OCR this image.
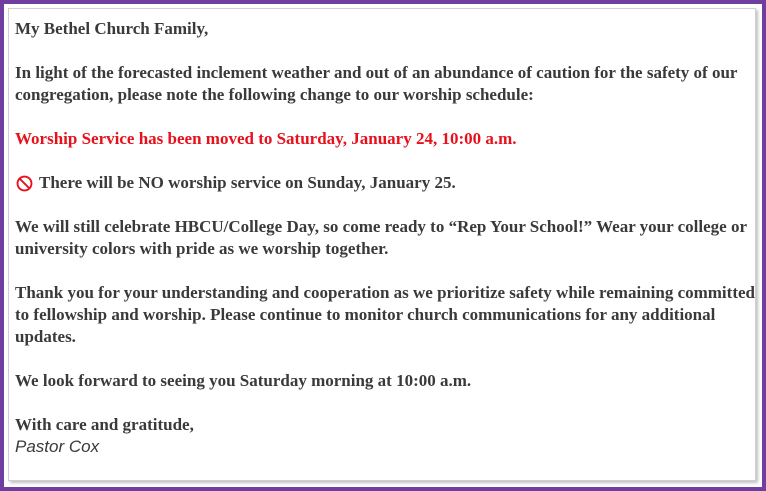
My Bethel Church Family,

In light of the forecasted inclement weather and out of an abundance of caution for the safety of our congregation, please note the following change to our worship schedule:

Worship Service has been moved to Saturday, January 24, 10:00 a.m.

There will be NO worship service on Sunday, January 25.

We will still celebrate HBCU/College Day, so come ready to “Rep Your School!” Wear your college or university colors with pride as we worship together.

Thank you for your understanding and cooperation as we prioritize safety while remaining committed to fellowship and worship. Please continue to monitor church communications for any additional updates.

We look forward to seeing you Saturday morning at 10:00 a.m.

With care and gratitude,
Pastor Cox
